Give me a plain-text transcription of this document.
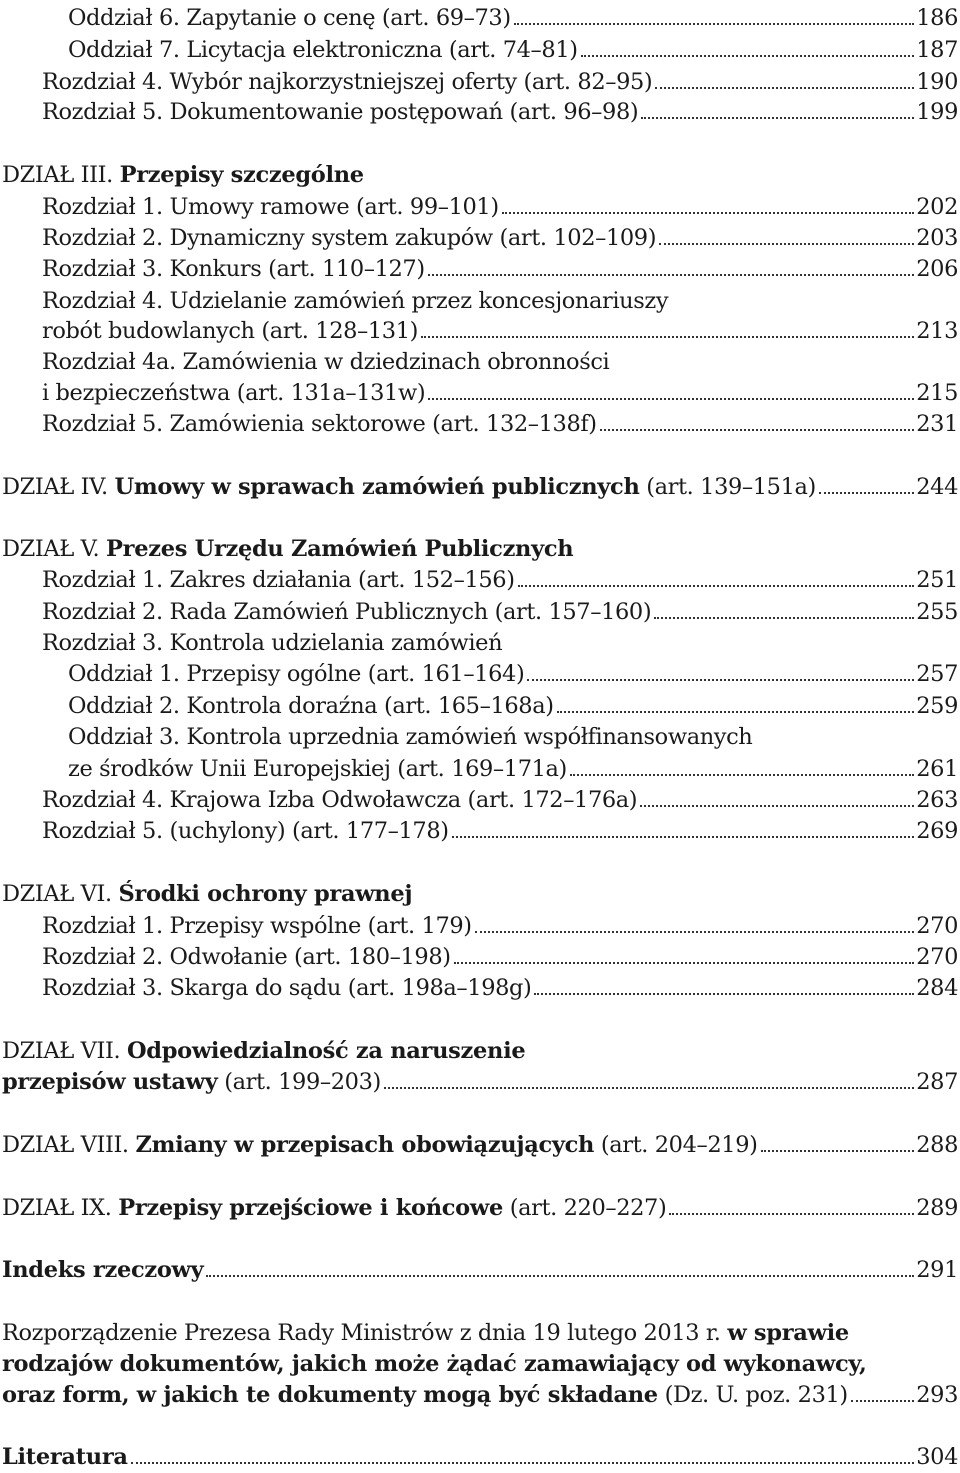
Oddział 6. Zapytanie o cenę (art. 69–73)	186
Oddział 7. Licytacja elektroniczna (art. 74–81)	187
Rozdział 4. Wybór najkorzystniejszej oferty (art. 82–95)	190
Rozdział 5. Dokumentowanie postępowań (art. 96–98)	199
DZIAŁ III. Przepisy szczególne
Rozdział 1. Umowy ramowe (art. 99–101)	202
Rozdział 2. Dynamiczny system zakupów (art. 102–109)	203
Rozdział 3. Konkurs (art. 110–127)	206
Rozdział 4. Udzielanie zamówień przez koncesjonariuszy
robót budowlanych (art. 128–131)	213
Rozdział 4a. Zamówienia w dziedzinach obronności
i bezpieczeństwa (art. 131a–131w)	215
Rozdział 5. Zamówienia sektorowe (art. 132–138f)	231
DZIAŁ IV.
Umowy w sprawach zamówień publicznych
(art. 139–151a)	244
DZIAŁ V. Prezes Urzędu Zamówień Publicznych
Rozdział 1. Zakres działania (art. 152–156)	251
Rozdział 2. Rada Zamówień Publicznych (art. 157–160)	255
Rozdział 3. Kontrola udzielania zamówień
Oddział 1. Przepisy ogólne (art. 161–164)	257
Oddział 2. Kontrola doraźna (art. 165–168a)	259
Oddział 3. Kontrola uprzednia zamówień współfinansowanych
ze środków Unii Europejskiej (art. 169–171a)	261
Rozdział 4. Krajowa Izba Odwoławcza (art. 172–176a)	263
Rozdział 5. (uchylony) (art. 177–178)	269
DZIAŁ VI. Środki ochrony prawnej
Rozdział 1. Przepisy wspólne (art. 179)	270
Rozdział 2. Odwołanie (art. 180–198)	270
Rozdział 3. Skarga do sądu (art. 198a–198g)	284
DZIAŁ VII. Odpowiedzialność za naruszenie
przepisów ustawy
(art. 199–203)	287
DZIAŁ VIII.
Zmiany w przepisach obowiązujących
(art. 204–219)	288
DZIAŁ IX.
Przepisy przejściowe i końcowe
(art. 220–227)	289
Indeks rzeczowy	291
Rozporządzenie Prezesa Rady Ministrów z dnia 19 lutego 2013 r. w sprawie
rodzajów dokumentów, jakich może żądać zamawiający od wykonawcy,
oraz form, w jakich te dokumenty mogą być składane
(Dz. U. poz. 231)	293
Literatura	304
